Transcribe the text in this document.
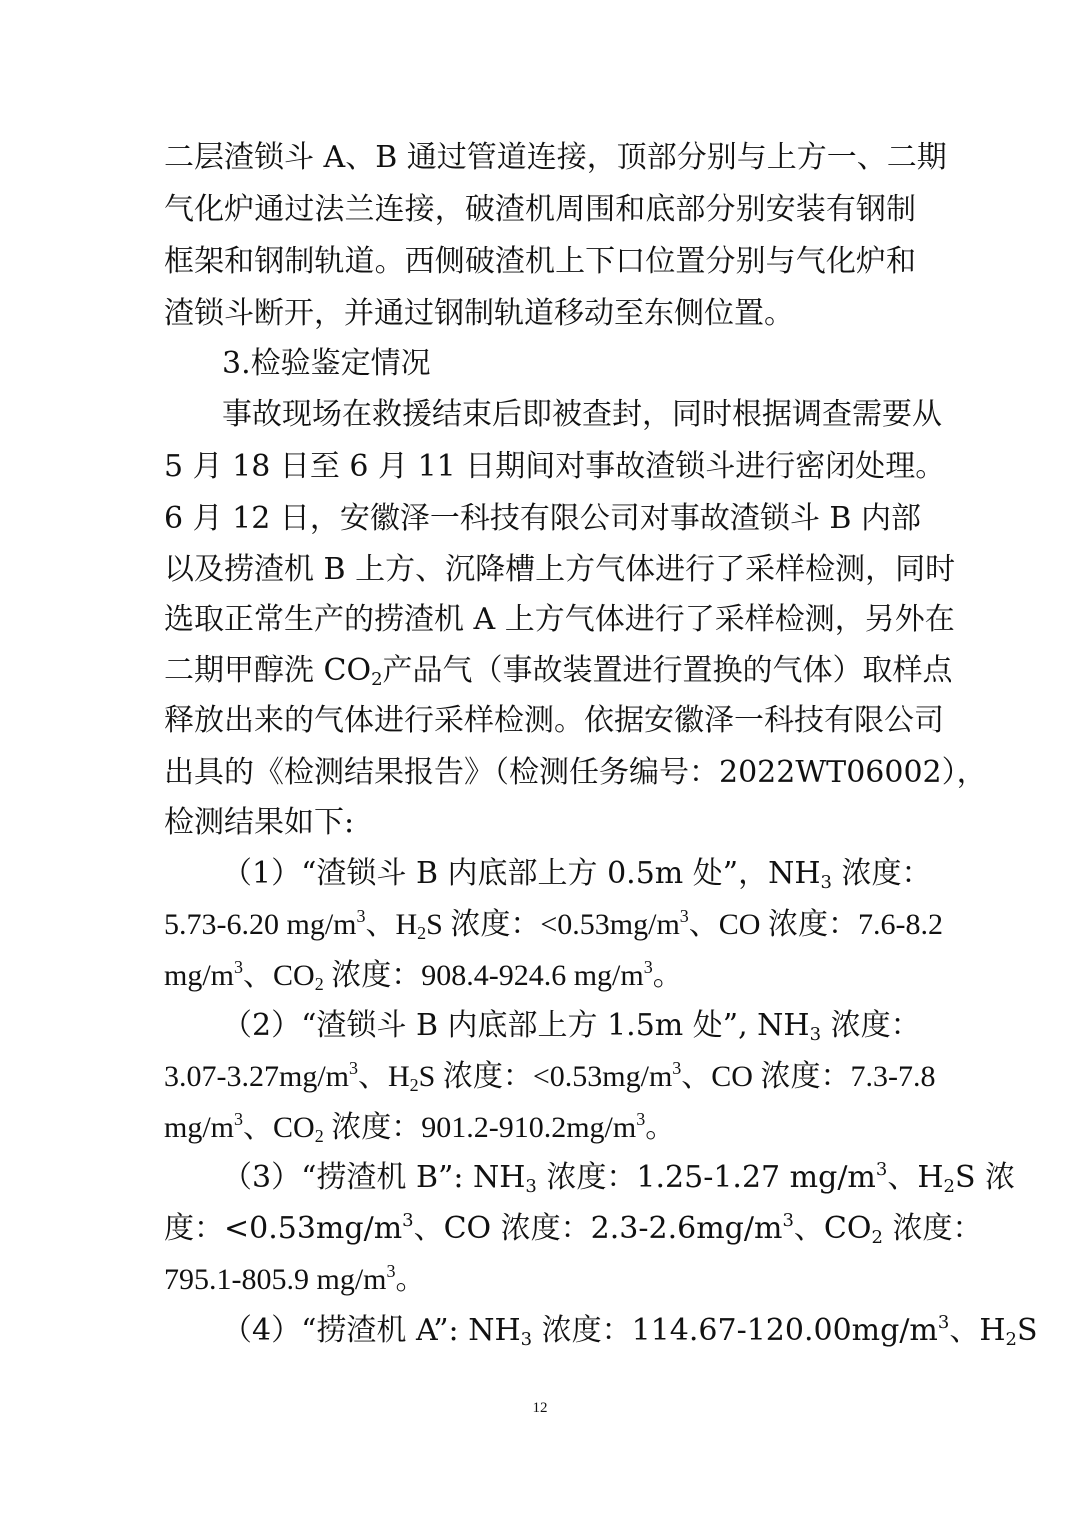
二层渣锁斗 A、B 通过管道连接，顶部分别与上方一、二期

气化炉通过法兰连接，破渣机周围和底部分别安装有钢制

框架和钢制轨道。西侧破渣机上下口位置分别与气化炉和

渣锁斗断开，并通过钢制轨道移动至东侧位置。

3.检验鉴定情况

事故现场在救援结束后即被查封，同时根据调查需要从

5 月 18 日至 6 月 11 日期间对事故渣锁斗进行密闭处理。

6 月 12 日，安徽泽一科技有限公司对事故渣锁斗 B 内部

以及捞渣机 B 上方、沉降槽上方气体进行了采样检测，同时

选取正常生产的捞渣机 A 上方气体进行了采样检测，另外在

二期甲醇洗 $CO_2$产品气（事故装置进行置换的气体）取样点

释放出来的气体进行采样检测。依据安徽泽一科技有限公司

出具的《检测结果报告》（检测任务编号：2022WT06002），

检测结果如下:

（1）“渣锁斗 B 内底部上方 0.5m 处”，$NH_3$ 浓度：

5.73-6.20 $mg/m^3$、$H_2S$ 浓度：$<0.53mg/m^3$、CO 浓度：7.6-8.2

$mg/m^3$、$CO_2$ 浓度：908.4-924.6 $mg/m^3$。

（2）“渣锁斗 B 内底部上方 1.5m 处”, $NH_3$ 浓度：

$3.07-3.27mg/m^3$、$H_2S$ 浓度：$<0.53mg/m^3$、CO 浓度：7.3-7.8

$mg/m^3$、$CO_2$ 浓度：$901.2-910.2mg/m^3$。

（3）“捞渣机 B”: $NH_3$ 浓度：1.25-1.27 $mg/m^3$、$H_2S$ 浓

度：$<0.53mg/m^3$、CO 浓度：$2.3-2.6mg/m^3$、$CO_2$ 浓度：

795.1-805.9 $mg/m^3$。

（4）“捞渣机 A”: $NH_3$ 浓度：$114.67-120.00mg/m^3$、$H_2S$

12
